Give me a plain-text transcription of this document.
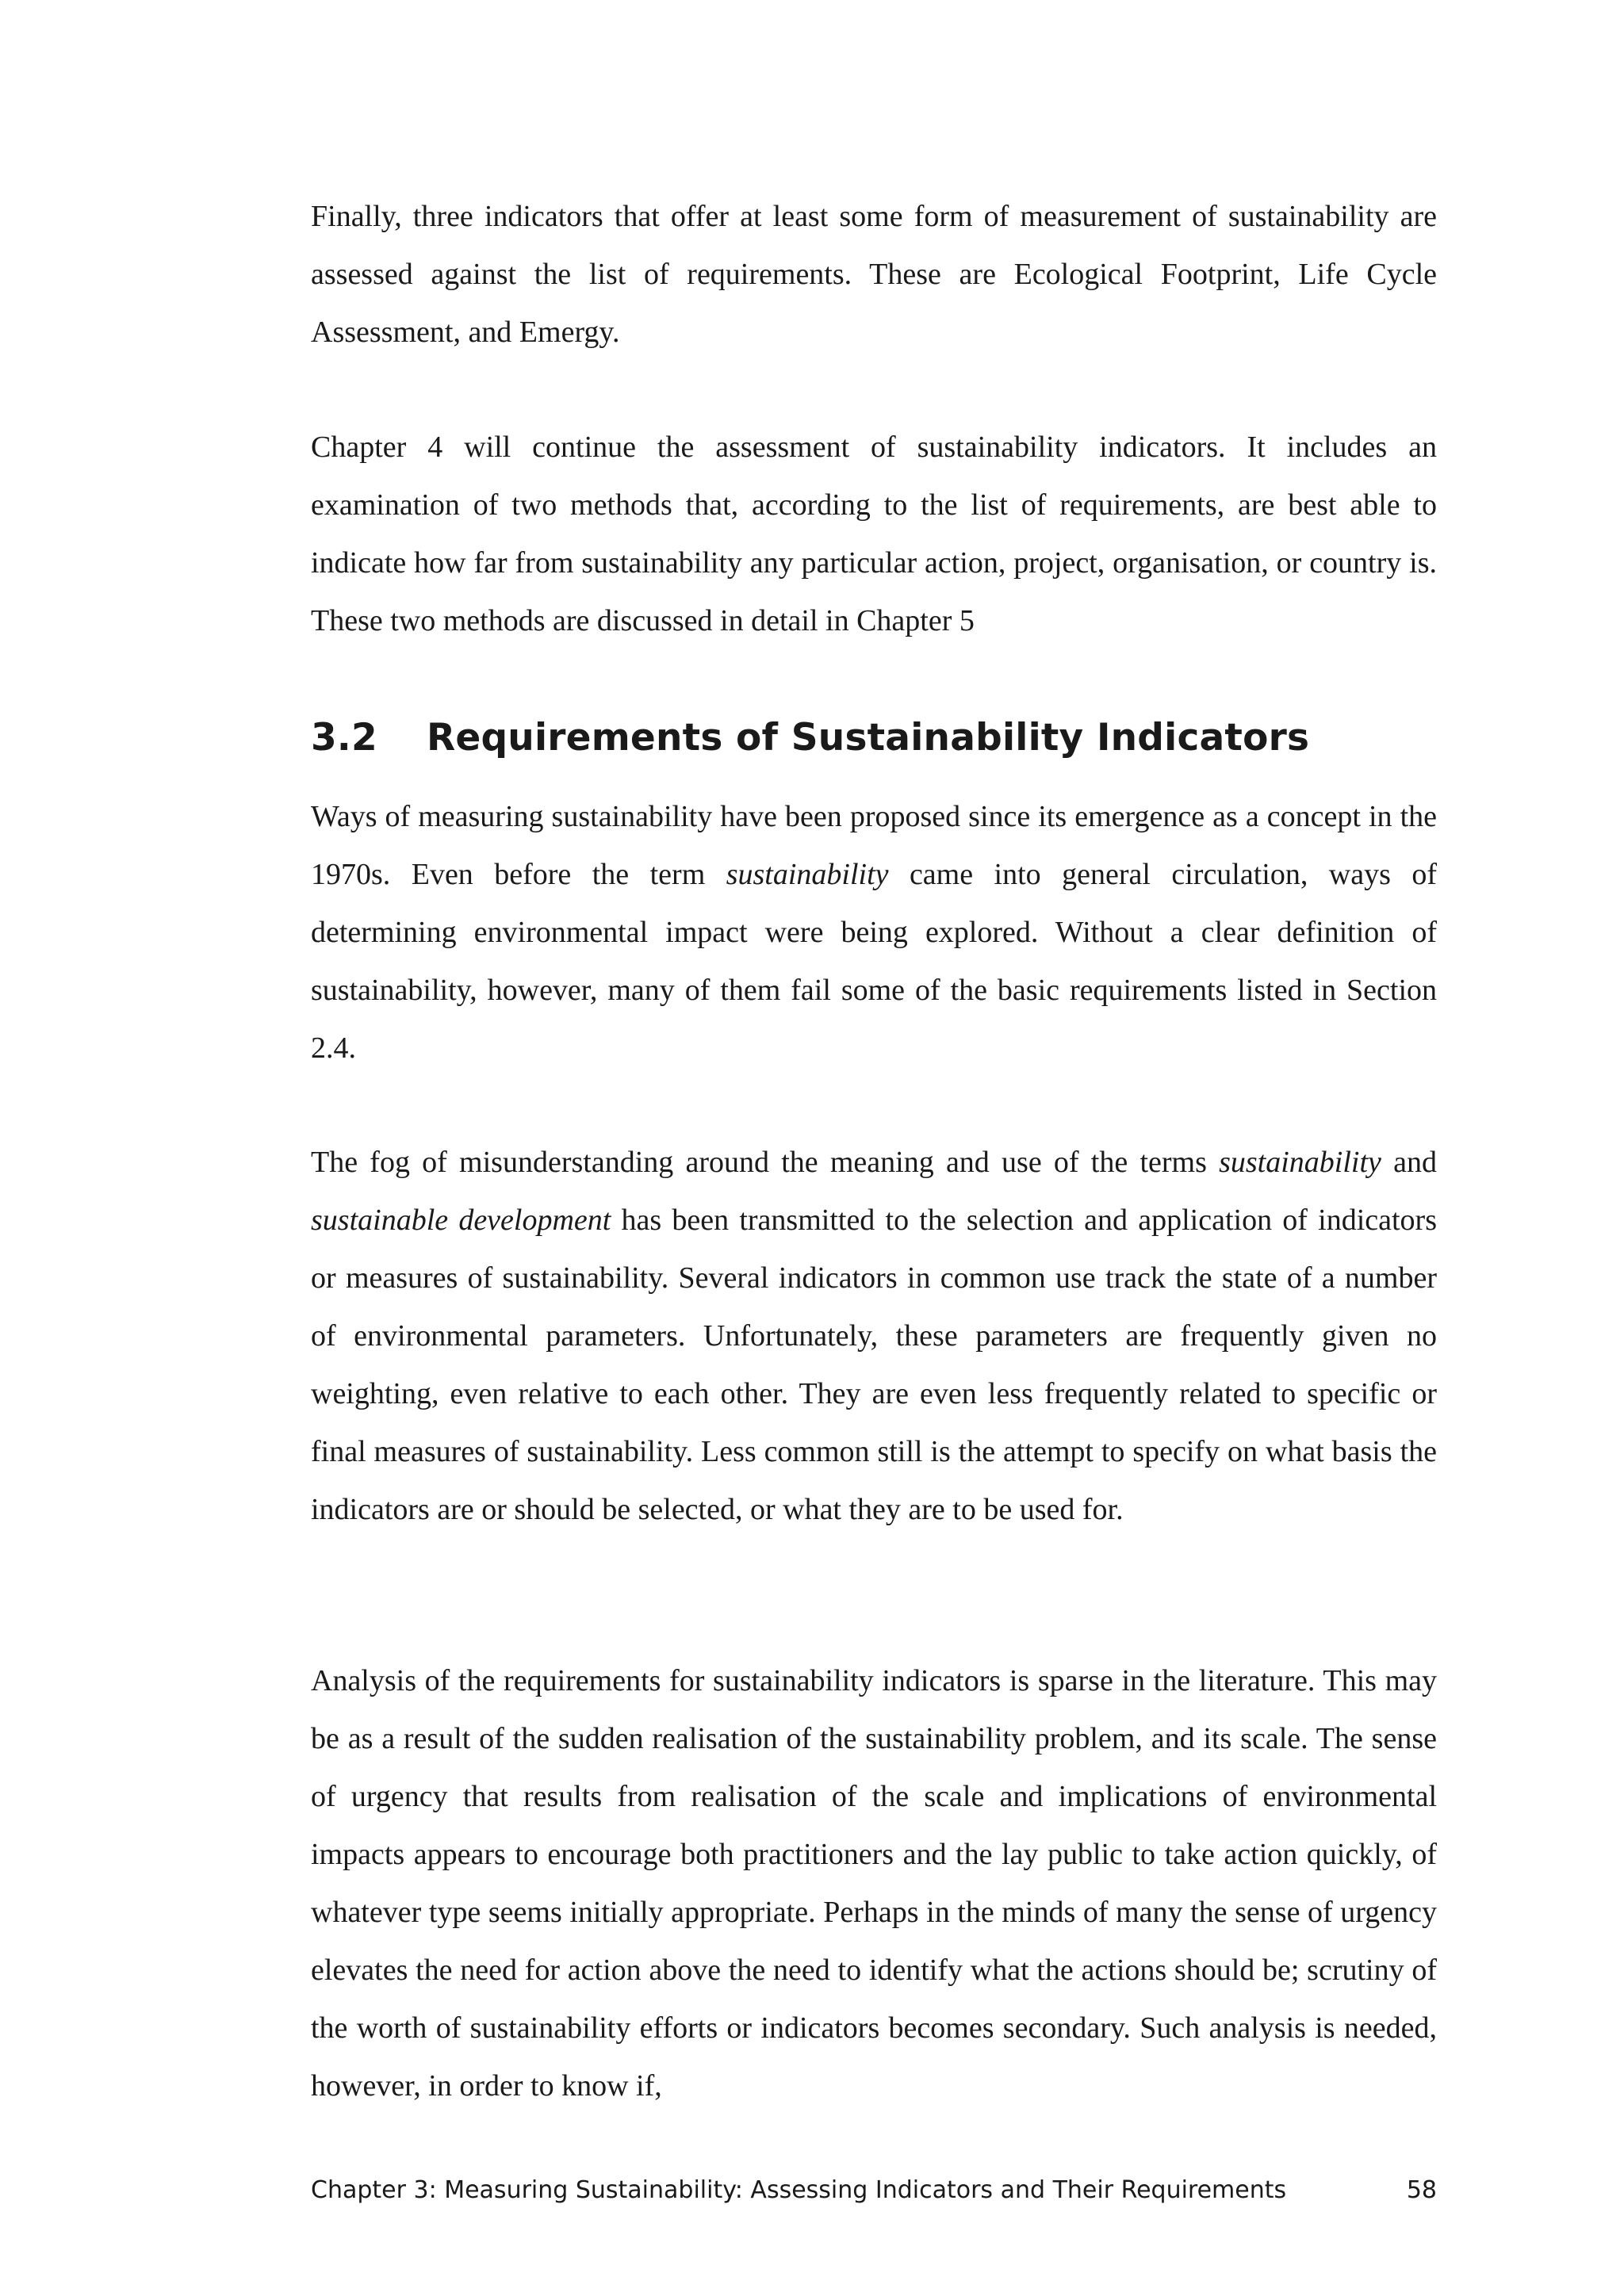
Finally, three indicators that offer at least some form of measurement of sustainability are assessed against the list of requirements. These are Ecological Footprint, Life Cycle Assessment, and Emergy.

Chapter 4 will continue the assessment of sustainability indicators. It includes an examination of two methods that, according to the list of requirements, are best able to indicate how far from sustainability any particular action, project, organisation, or country is. These two methods are discussed in detail in Chapter 5

3.2 Requirements of Sustainability Indicators

Ways of measuring sustainability have been proposed since its emergence as a concept in the 1970s. Even before the term sustainability came into general circulation, ways of determining environmental impact were being explored. Without a clear definition of sustainability, however, many of them fail some of the basic requirements listed in Section 2.4.

The fog of misunderstanding around the meaning and use of the terms sustainability and sustainable development has been transmitted to the selection and application of indicators or measures of sustainability. Several indicators in common use track the state of a number of environmental parameters. Unfortunately, these parameters are frequently given no weighting, even relative to each other. They are even less frequently related to specific or final measures of sustainability. Less common still is the attempt to specify on what basis the indicators are or should be selected, or what they are to be used for.

Analysis of the requirements for sustainability indicators is sparse in the literature. This may be as a result of the sudden realisation of the sustainability problem, and its scale. The sense of urgency that results from realisation of the scale and implications of environmental impacts appears to encourage both practitioners and the lay public to take action quickly, of whatever type seems initially appropriate. Perhaps in the minds of many the sense of urgency elevates the need for action above the need to identify what the actions should be; scrutiny of the worth of sustainability efforts or indicators becomes secondary. Such analysis is needed, however, in order to know if,

Chapter 3: Measuring Sustainability: Assessing Indicators and Their Requirements	58
